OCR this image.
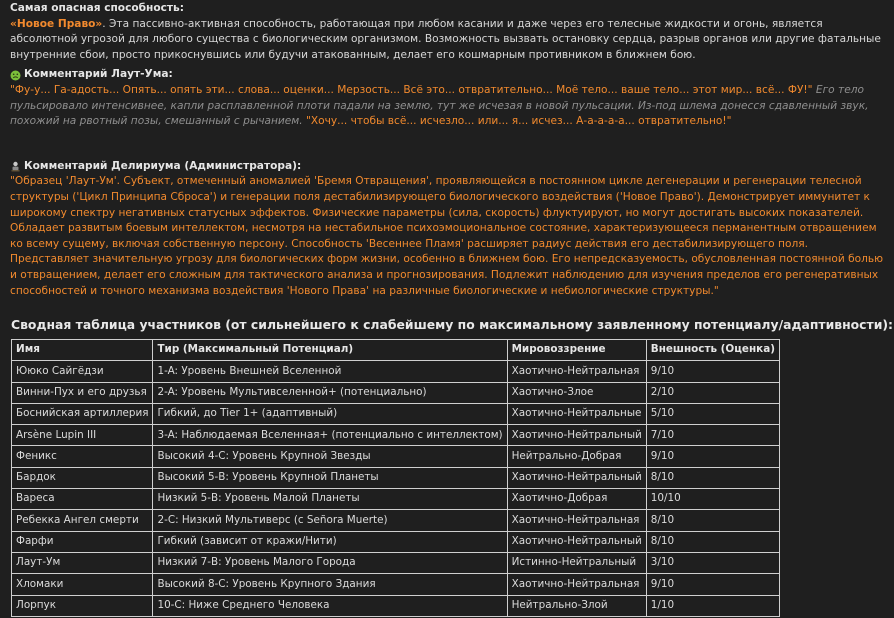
Самая опасная способность:

«Новое Право». Эта пассивно-активная способность, работающая при любом касании и даже через его телесные жидкости и огонь, является абсолютной угрозой для любого существа с биологическим организмом. Возможность вызвать остановку сердца, разрыв органов или другие фатальные внутренние сбои, просто прикоснувшись или будучи атакованным, делает его кошмарным противником в ближнем бою.

Комментарий Лаут-Ума:

"Фу-у... Га-адость... Опять... опять эти... слова... оценки... Мерзость... Всё это... отвратительно... Моё тело... ваше тело... этот мир... всё... ФУ!" Его тело пульсировало интенсивнее, капли расплавленной плоти падали на землю, тут же исчезая в новой пульсации. Из-под шлема донесся сдавленный звук, похожий на рвотный позы, смешанный с рычанием. "Хочу... чтобы всё... исчезло... или... я... исчез... А-а-а-а-а... отвратительно!"

Комментарий Делириума (Администратора):

"Образец 'Лаут-Ум'. Субъект, отмеченный аномалией 'Бремя Отвращения', проявляющейся в постоянном цикле дегенерации и регенерации телесной структуры ('Цикл Принципа Сброса') и генерации поля дестабилизирующего биологического воздействия ('Новое Право'). Демонстрирует иммунитет к широкому спектру негативных статусных эффектов. Физические параметры (сила, скорость) флуктуируют, но могут достигать высоких показателей. Обладает развитым боевым интеллектом, несмотря на нестабильное психоэмоциональное состояние, характеризующееся перманентным отвращением ко всему сущему, включая собственную персону. Способность 'Весеннее Пламя' расширяет радиус действия его дестабилизирующего поля. Представляет значительную угрозу для биологических форм жизни, особенно в ближнем бою. Его непредсказуемость, обусловленная постоянной болью и отвращением, делает его сложным для тактического анализа и прогнозирования. Подлежит наблюдению для изучения пределов его регенеративных способностей и точного механизма воздействия 'Нового Права' на различные биологические и небиологические структуры."

Сводная таблица участников (от сильнейшего к слабейшему по максимальному заявленному потенциалу/адаптивности):

Имя	Тир (Максимальный Потенциал)	Мировоззрение	Внешность (Оценка)
Ююко Сайгёдзи	1-A: Уровень Внешней Вселенной	Хаотично-Нейтральная	9/10
Винни-Пух и его друзья	2-A: Уровень Мультивселенной+ (потенциально)	Хаотично-Злое	2/10
Боснийская артиллерия	Гибкий, до Tier 1+ (адаптивный)	Хаотично-Нейтральные	5/10
Arsène Lupin III	3-A: Наблюдаемая Вселенная+ (потенциально с интеллектом)	Хаотично-Нейтральный	7/10
Феникс	Высокий 4-C: Уровень Крупной Звезды	Нейтрально-Добрая	9/10
Бардок	Высокий 5-B: Уровень Крупной Планеты	Хаотично-Нейтральный	8/10
Вареса	Низкий 5-B: Уровень Малой Планеты	Хаотично-Добрая	10/10
Ребекка Ангел смерти	2-C: Низкий Мультиверс (с Señora Muerte)	Хаотично-Нейтральная	8/10
Фарфи	Гибкий (зависит от кражи/Нити)	Хаотично-Нейтральный	8/10
Лаут-Ум	Низкий 7-B: Уровень Малого Города	Истинно-Нейтральный	3/10
Хломаки	Высокий 8-C: Уровень Крупного Здания	Хаотично-Нейтральная	9/10
Лорпук	10-C: Ниже Среднего Человека	Нейтрально-Злой	1/10
